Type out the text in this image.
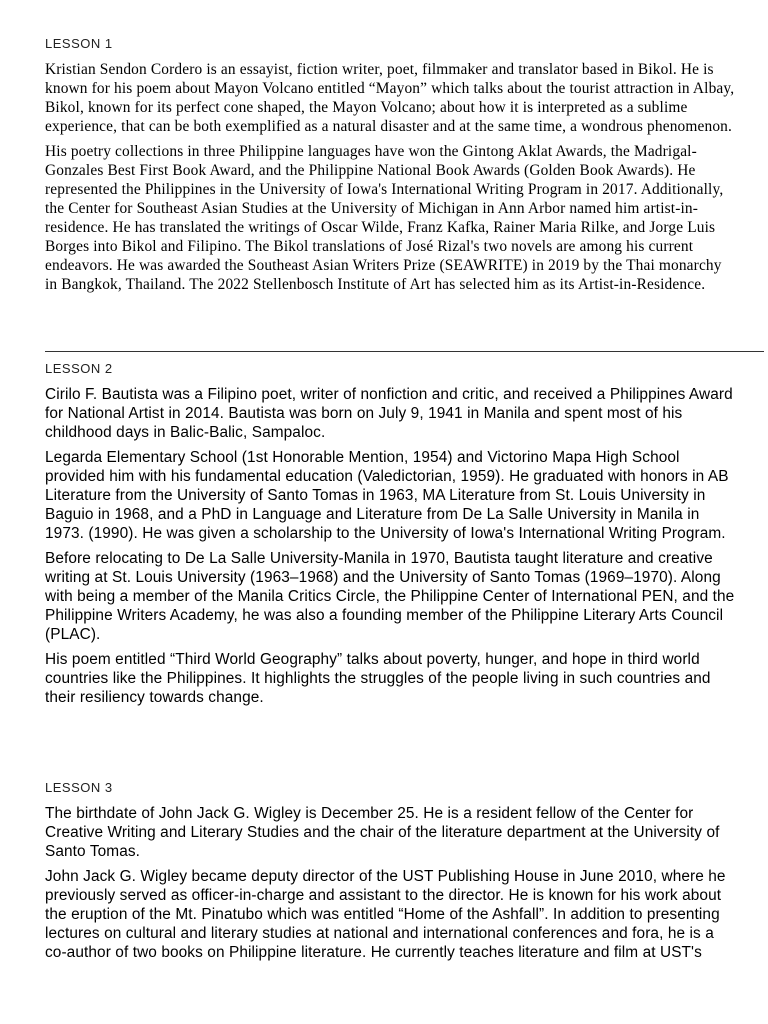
LESSON 1

Kristian Sendon Cordero is an essayist, fiction writer, poet, filmmaker and translator based in Bikol. He is known for his poem about Mayon Volcano entitled “Mayon” which talks about the tourist attraction in Albay, Bikol, known for its perfect cone shaped, the Mayon Volcano; about how it is interpreted as a sublime experience, that can be both exemplified as a natural disaster and at the same time, a wondrous phenomenon.

His poetry collections in three Philippine languages have won the Gintong Aklat Awards, the Madrigal-Gonzales Best First Book Award, and the Philippine National Book Awards (Golden Book Awards). He represented the Philippines in the University of Iowa's International Writing Program in 2017. Additionally, the Center for Southeast Asian Studies at the University of Michigan in Ann Arbor named him artist-in-residence. He has translated the writings of Oscar Wilde, Franz Kafka, Rainer Maria Rilke, and Jorge Luis Borges into Bikol and Filipino. The Bikol translations of José Rizal's two novels are among his current endeavors. He was awarded the Southeast Asian Writers Prize (SEAWRITE) in 2019 by the Thai monarchy in Bangkok, Thailand. The 2022 Stellenbosch Institute of Art has selected him as its Artist-in-Residence.

LESSON 2

Cirilo F. Bautista was a Filipino poet, writer of nonfiction and critic, and received a Philippines Award for National Artist in 2014. Bautista was born on July 9, 1941 in Manila and spent most of his childhood days in Balic-Balic, Sampaloc.

Legarda Elementary School (1st Honorable Mention, 1954) and Victorino Mapa High School provided him with his fundamental education (Valedictorian, 1959). He graduated with honors in AB Literature from the University of Santo Tomas in 1963, MA Literature from St. Louis University in Baguio in 1968, and a PhD in Language and Literature from De La Salle University in Manila in 1973. (1990). He was given a scholarship to the University of Iowa's International Writing Program.

Before relocating to De La Salle University-Manila in 1970, Bautista taught literature and creative writing at St. Louis University (1963–1968) and the University of Santo Tomas (1969–1970). Along with being a member of the Manila Critics Circle, the Philippine Center of International PEN, and the Philippine Writers Academy, he was also a founding member of the Philippine Literary Arts Council (PLAC).

His poem entitled “Third World Geography” talks about poverty, hunger, and hope in third world countries like the Philippines. It highlights the struggles of the people living in such countries and their resiliency towards change.

LESSON 3

The birthdate of John Jack G. Wigley is December 25. He is a resident fellow of the Center for Creative Writing and Literary Studies and the chair of the literature department at the University of Santo Tomas.

John Jack G. Wigley became deputy director of the UST Publishing House in June 2010, where he previously served as officer-in-charge and assistant to the director. He is known for his work about the eruption of the Mt. Pinatubo which was entitled “Home of the Ashfall”. In addition to presenting lectures on cultural and literary studies at national and international conferences and fora, he is a co-author of two books on Philippine literature. He currently teaches literature and film at UST's
